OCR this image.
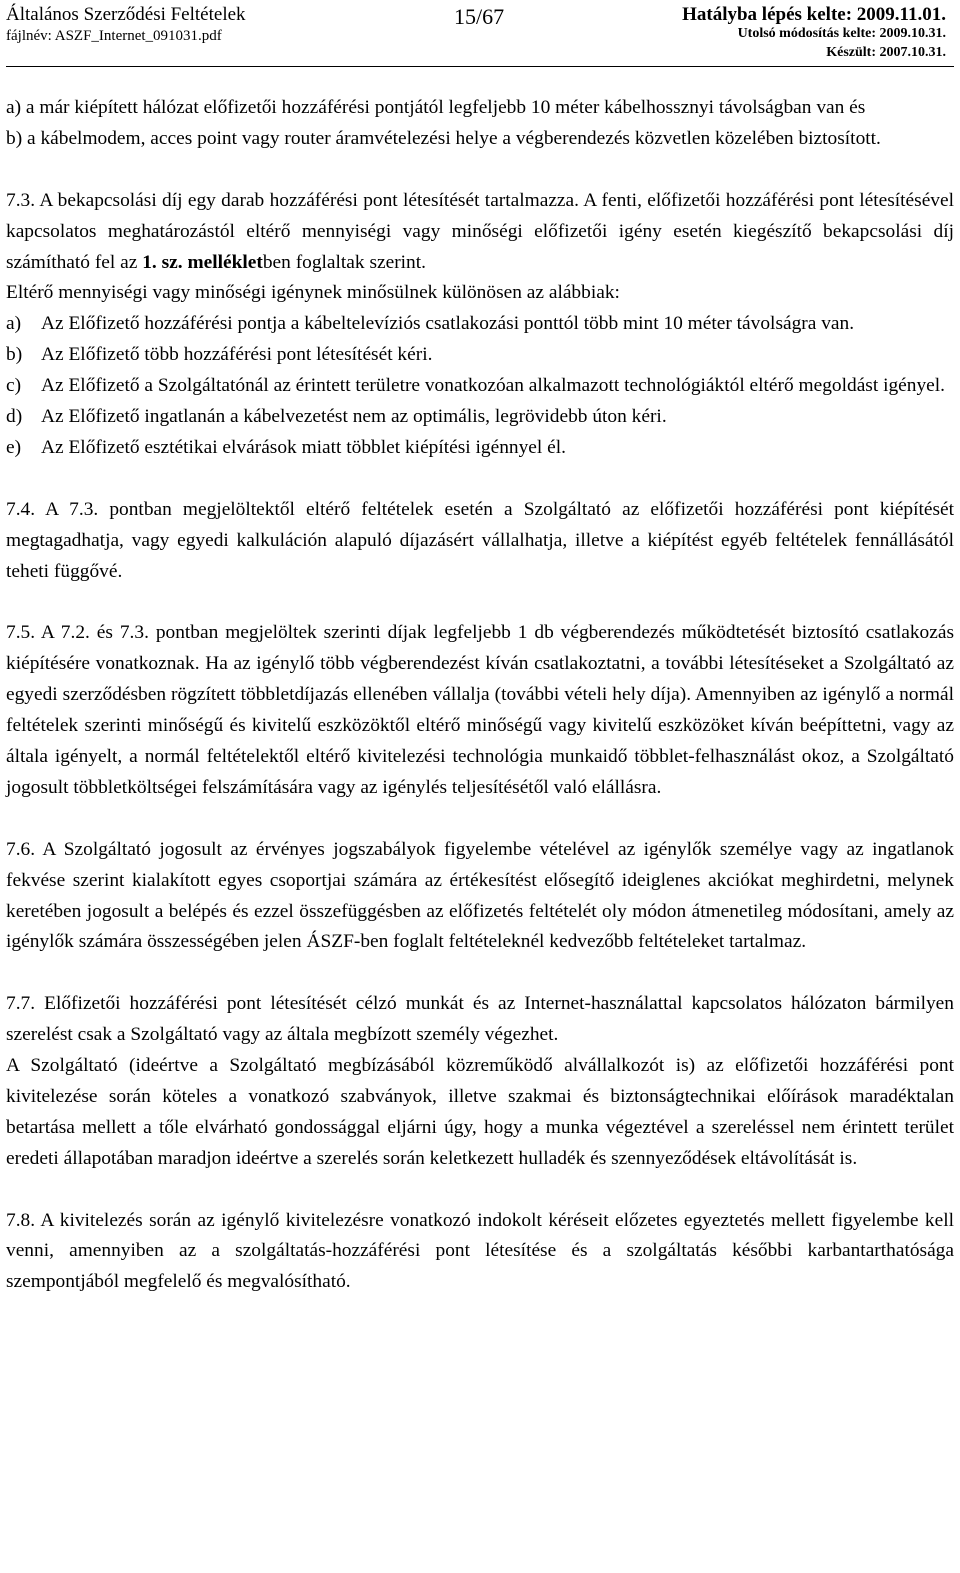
Általános Szerződési Feltételek
fájlnév: ASZF_Internet_091031.pdf
15/67	Hatályba lépés kelte: 2009.11.01.
Utolsó módosítás kelte: 2009.10.31.
Készült: 2007.10.31.

a) a már kiépített hálózat előfizetői hozzáférési pontjától legfeljebb 10 méter kábelhossznyi távolságban van és

b) a kábelmodem, acces point vagy router áramvételezési helye a végberendezés közvetlen közelében biztosított.

7.3. A bekapcsolási díj egy darab hozzáférési pont létesítését tartalmazza. A fenti, előfizetői hozzáférési pont létesítésével kapcsolatos meghatározástól eltérő mennyiségi vagy minőségi előfizetői igény esetén kiegészítő bekapcsolási díj számítható fel az 1. sz. mellékletben foglaltak szerint.

Eltérő mennyiségi vagy minőségi igénynek minősülnek különösen az alábbiak:

a) Az Előfizető hozzáférési pontja a kábeltelevíziós csatlakozási ponttól több mint 10 méter távolságra van.

b) Az Előfizető több hozzáférési pont létesítését kéri.

c) Az Előfizető a Szolgáltatónál az érintett területre vonatkozóan alkalmazott technológiáktól eltérő megoldást igényel.

d) Az Előfizető ingatlanán a kábelvezetést nem az optimális, legrövidebb úton kéri.

e) Az Előfizető esztétikai elvárások miatt többlet kiépítési igénnyel él.

7.4. A 7.3. pontban megjelöltektől eltérő feltételek esetén a Szolgáltató az előfizetői hozzáférési pont kiépítését megtagadhatja, vagy egyedi kalkuláción alapuló díjazásért vállalhatja, illetve a kiépítést egyéb feltételek fennállásától teheti függővé.

7.5. A 7.2. és 7.3. pontban megjelöltek szerinti díjak legfeljebb 1 db végberendezés működtetését biztosító csatlakozás kiépítésére vonatkoznak. Ha az igénylő több végberendezést kíván csatlakoztatni, a további létesítéseket a Szolgáltató az egyedi szerződésben rögzített többletdíjazás ellenében vállalja (további vételi hely díja). Amennyiben az igénylő a normál feltételek szerinti minőségű és kivitelű eszközöktől eltérő minőségű vagy kivitelű eszközöket kíván beépíttetni, vagy az általa igényelt, a normál feltételektől eltérő kivitelezési technológia munkaidő többlet-felhasználást okoz, a Szolgáltató jogosult többletköltségei felszámítására vagy az igénylés teljesítésétől való elállásra.

7.6. A Szolgáltató jogosult az érvényes jogszabályok figyelembe vételével az igénylők személye vagy az ingatlanok fekvése szerint kialakított egyes csoportjai számára az értékesítést elősegítő ideiglenes akciókat meghirdetni, melynek keretében jogosult a belépés és ezzel összefüggésben az előfizetés feltételét oly módon átmenetileg módosítani, amely az igénylők számára összességében jelen ÁSZF-ben foglalt feltételeknél kedvezőbb feltételeket tartalmaz.

7.7. Előfizetői hozzáférési pont létesítését célzó munkát és az Internet-használattal kapcsolatos hálózaton bármilyen szerelést csak a Szolgáltató vagy az általa megbízott személy végezhet.

A Szolgáltató (ideértve a Szolgáltató megbízásából közreműködő alvállalkozót is) az előfizetői hozzáférési pont kivitelezése során köteles a vonatkozó szabványok, illetve szakmai és biztonságtechnikai előírások maradéktalan betartása mellett a tőle elvárható gondossággal eljárni úgy, hogy a munka végeztével a szereléssel nem érintett terület eredeti állapotában maradjon ideértve a szerelés során keletkezett hulladék és szennyeződések eltávolítását is.

7.8. A kivitelezés során az igénylő kivitelezésre vonatkozó indokolt kéréseit előzetes egyeztetés mellett figyelembe kell venni, amennyiben az a szolgáltatás-hozzáférési pont létesítése és a szolgáltatás későbbi karbantarthatósága szempontjából megfelelő és megvalósítható.
